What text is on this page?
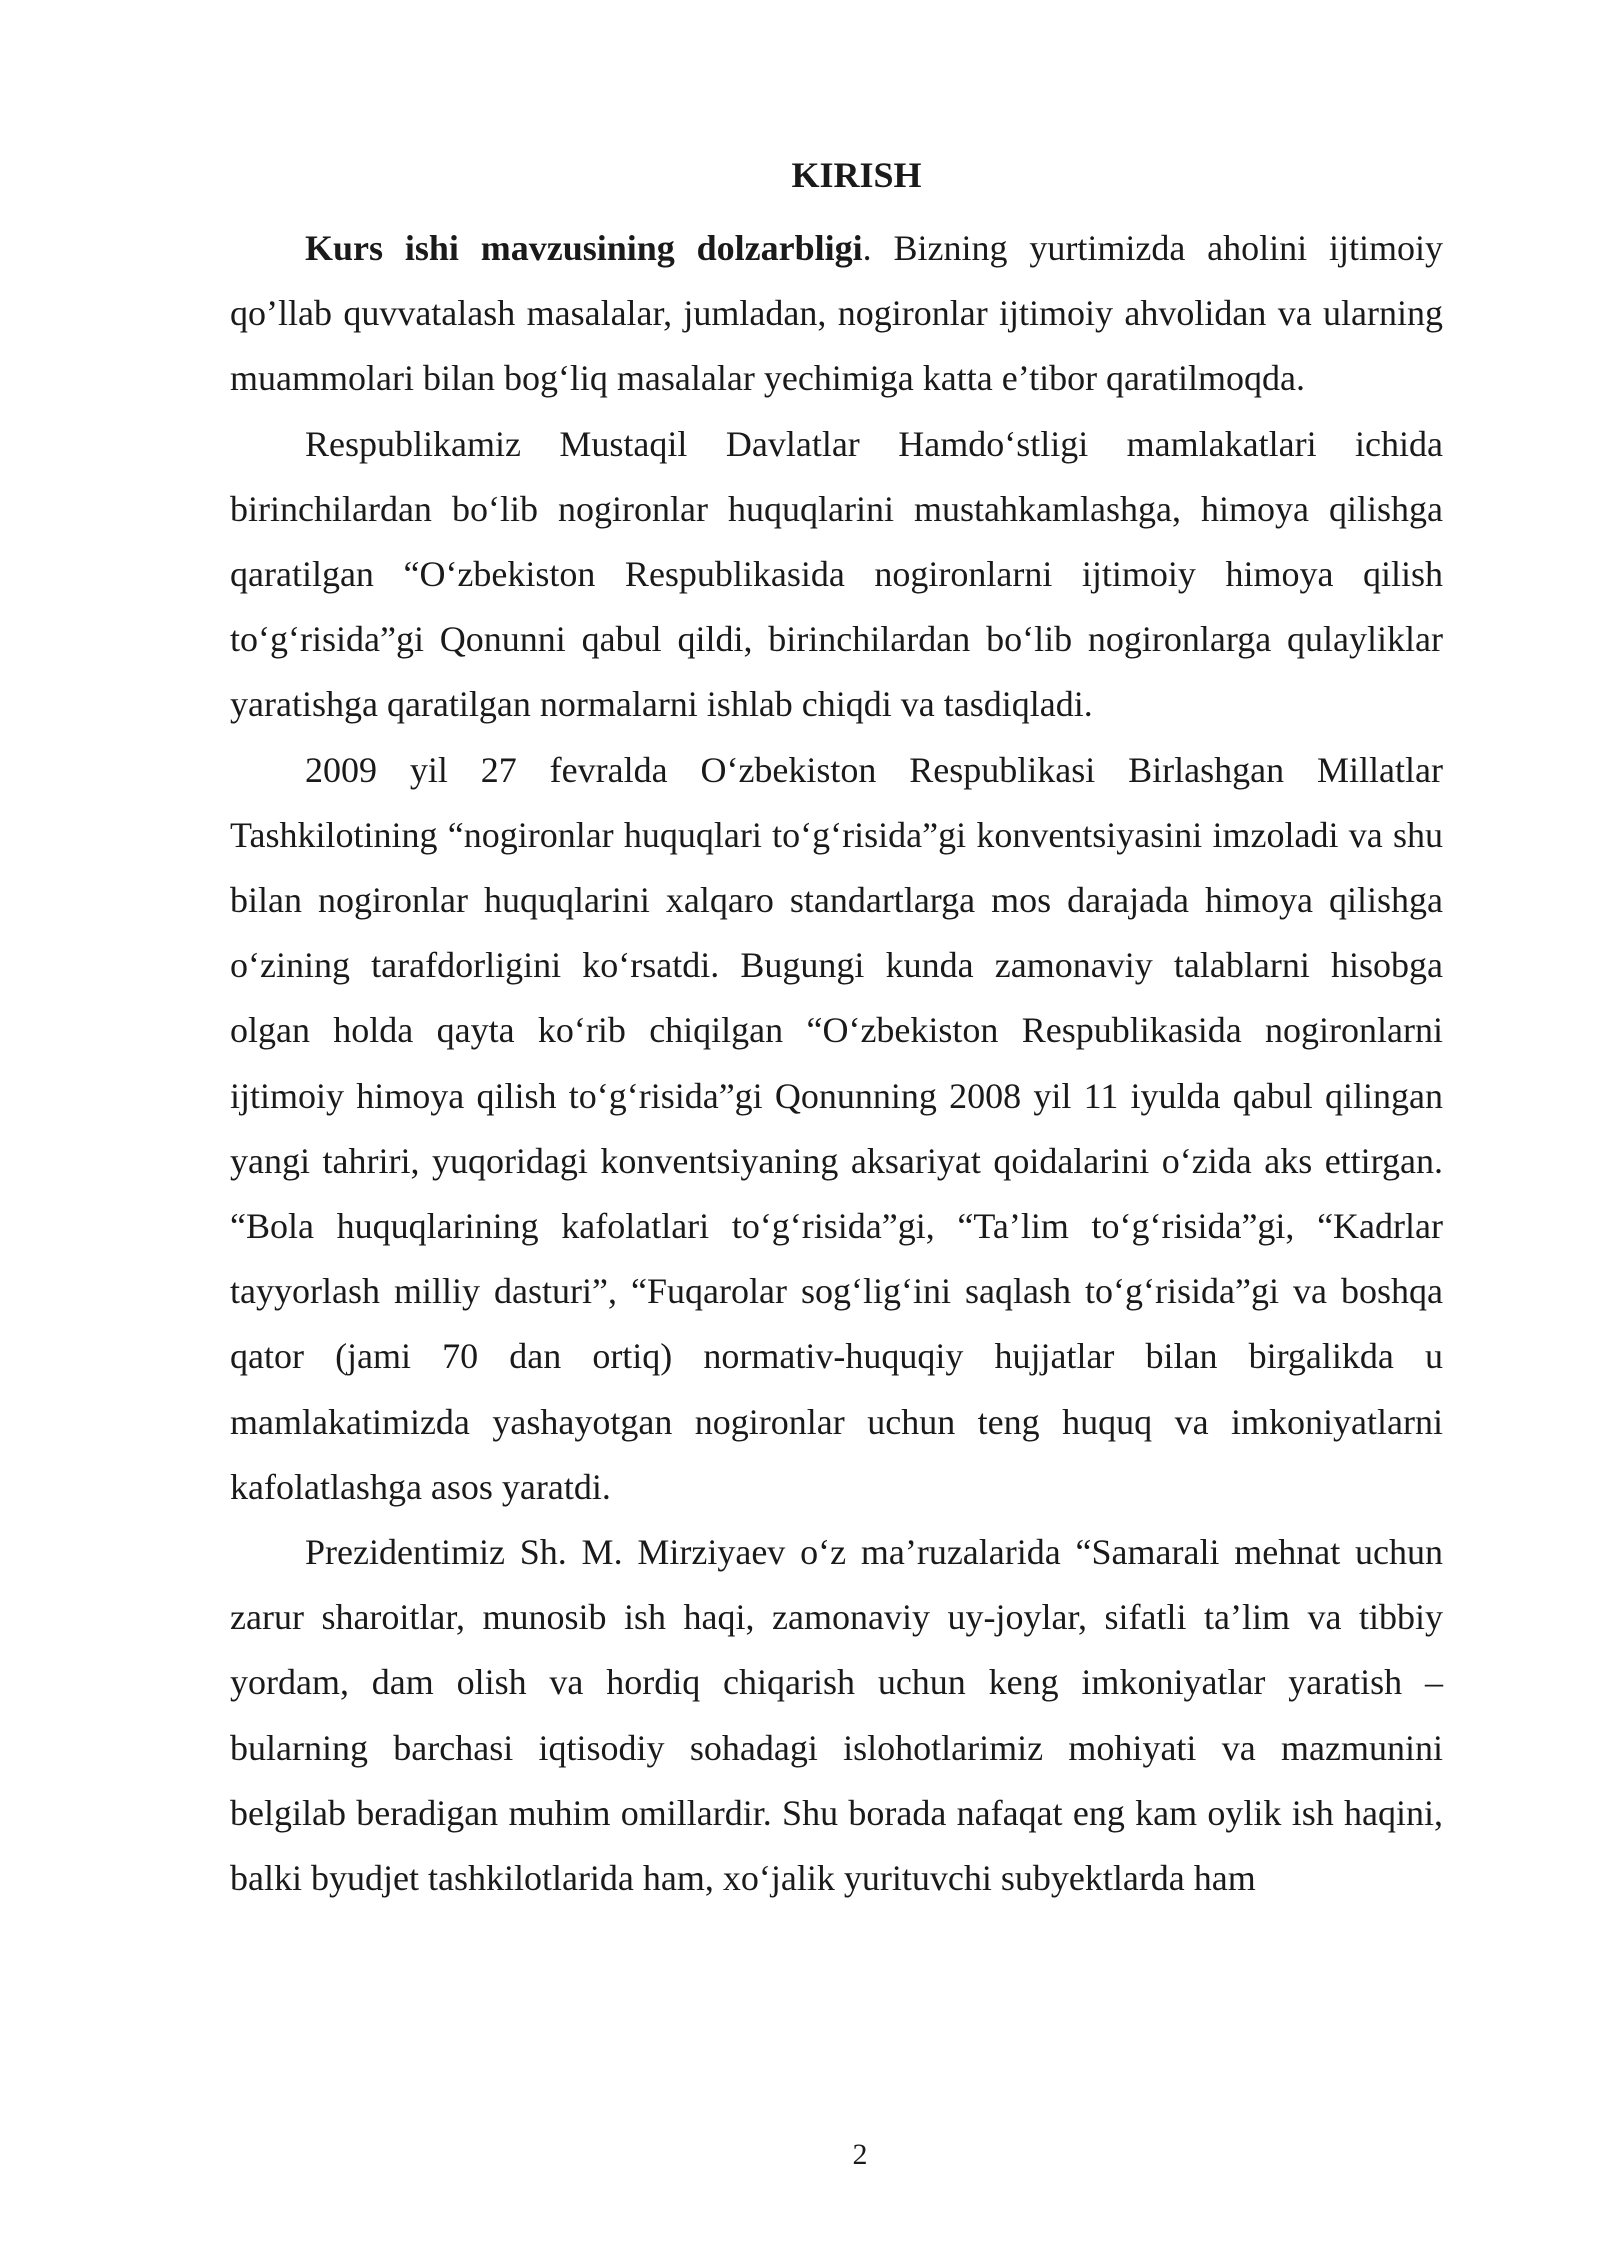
KIRISH

Kurs ishi mavzusining dolzarbligi. Bizning yurtimizda aholini ijtimoiy qo’llab quvvatalash masalalar, jumladan, nogironlar ijtimoiy ahvolidan va ularning muammolari bilan bog‘liq masalalar yechimiga katta e’tibor qaratilmoqda.

Respublikamiz Mustaqil Davlatlar Hamdo‘stligi mamlakatlari ichida birinchilardan bo‘lib nogironlar huquqlarini mustahkamlashga, himoya qilishga qaratilgan “O‘zbekiston Respublikasida nogironlarni ijtimoiy himoya qilish to‘g‘risida”gi Qonunni qabul qildi, birinchilardan bo‘lib nogironlarga qulayliklar yaratishga qaratilgan normalarni ishlab chiqdi va tasdiqladi.

2009 yil 27 fevralda O‘zbekiston Respublikasi Birlashgan Millatlar Tashkilotining “nogironlar huquqlari to‘g‘risida”gi konventsiyasini imzoladi va shu bilan nogironlar huquqlarini xalqaro standartlarga mos darajada himoya qilishga o‘zining tarafdorligini ko‘rsatdi. Bugungi kunda zamonaviy talablarni hisobga olgan holda qayta ko‘rib chiqilgan “O‘zbekiston Respublikasida nogironlarni ijtimoiy himoya qilish to‘g‘risida”gi Qonunning 2008 yil 11 iyulda qabul qilingan yangi tahriri, yuqoridagi konventsiyaning aksariyat qoidalarini o‘zida aks ettirgan. “Bola huquqlarining kafolatlari to‘g‘risida”gi, “Ta’lim to‘g‘risida”gi, “Kadrlar tayyorlash milliy dasturi”, “Fuqarolar sog‘lig‘ini saqlash to‘g‘risida”gi va boshqa qator (jami 70 dan ortiq) normativ-huquqiy hujjatlar bilan birgalikda u mamlakatimizda yashayotgan nogironlar uchun teng huquq va imkoniyatlarni kafolatlashga asos yaratdi.

Prezidentimiz Sh. M. Mirziyaev o‘z ma’ruzalarida “Samarali mehnat uchun zarur sharoitlar, munosib ish haqi, zamonaviy uy-joylar, sifatli ta’lim va tibbiy yordam, dam olish va hordiq chiqarish uchun keng imkoniyatlar yaratish – bularning barchasi iqtisodiy sohadagi islohotlarimiz mohiyati va mazmunini belgilab beradigan muhim omillardir. Shu borada nafaqat eng kam oylik ish haqini, balki byudjet tashkilotlarida ham, xo‘jalik yurituvchi subyektlarda ham

2
